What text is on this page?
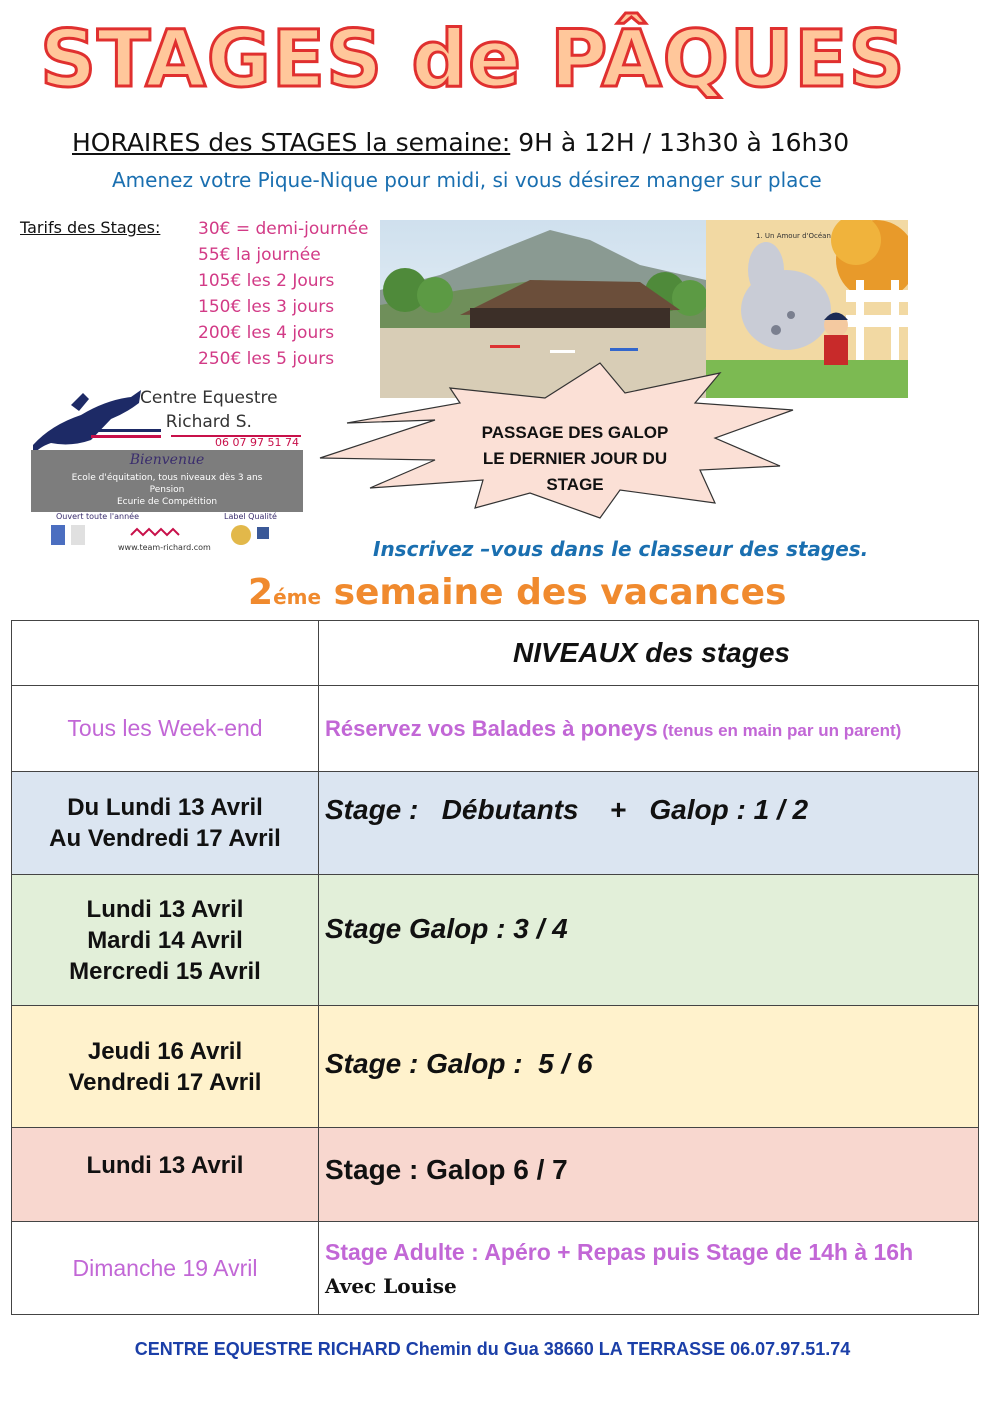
STAGES de PÂQUES
HORAIRES des STAGES la semaine: 9H à 12H / 13h30 à 16h30
Amenez votre Pique-Nique pour midi, si vous désirez manger sur place
Tarifs des Stages: 30€ = demi-journée
55€ la journée
105€ les 2 Jours
150€ les 3 jours
200€ les 4 jours
250€ les 5 jours
1. Un Amour d'Océan
Centre Equestre
Richard S.
06 07 97 51 74
Bienvenue
Ecole d'équitation, tous niveaux dès 3 ans
Pension
Ecurie de Compétition
Ouvert toute l'année	Label Qualité
www.team-richard.com
PASSAGE DES GALOP
LE DERNIER JOUR DU
STAGE
Inscrivez –vous dans le classeur des stages.
2éme semaine des vacances
	NIVEAUX des stages

Tous les Week-end	Réservez vos Balades à poneys (tenus en main par un parent)

Du Lundi 13 Avril
Au Vendredi 17 Avril	Stage :   Débutants    +   Galop : 1 / 2

Lundi 13 Avril
Mardi 14 Avril
Mercredi 15 Avril	Stage Galop : 3 / 4

Jeudi 16 Avril
Vendredi 17 Avril	Stage : Galop :  5 / 6

Lundi 13 Avril	Stage : Galop 6 / 7

Dimanche 19 Avril	Stage Adulte : Apéro + Repas puis Stage de 14h à 16h
Avec Louise
CENTRE EQUESTRE RICHARD Chemin du Gua 38660 LA TERRASSE 06.07.97.51.74
